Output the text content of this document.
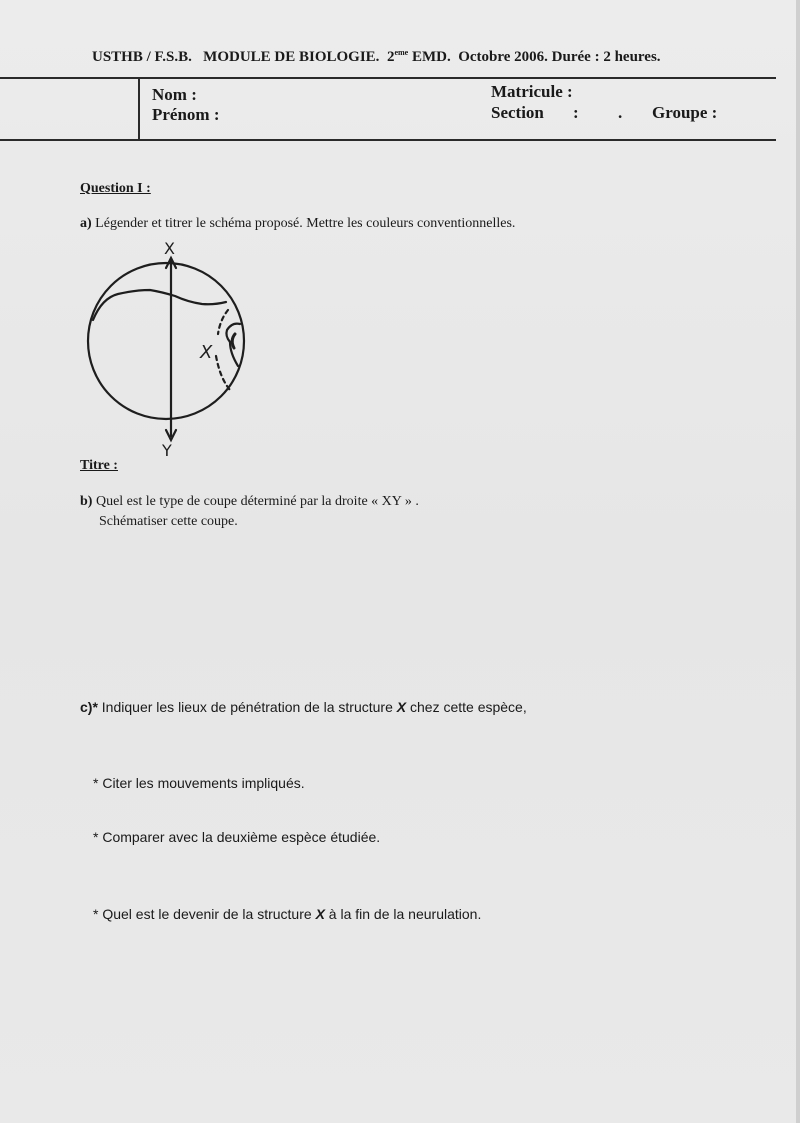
USTHB / F.S.B. MODULE DE BIOLOGIE. 2eme EMD. Octobre 2006. Durée : 2 heures.
Nom :
Prénom :
Matricule :
Section : . Groupe :
Question I :
a) Légender et titrer le schéma proposé. Mettre les couleurs conventionnelles.
X
Y
X
Titre :
b) Quel est le type de coupe déterminé par la droite « XY » .
Schématiser cette coupe.
c)* Indiquer les lieux de pénétration de la structure X chez cette espèce,
* Citer les mouvements impliqués.
* Comparer avec la deuxième espèce étudiée.
* Quel est le devenir de la structure X à la fin de la neurulation.
